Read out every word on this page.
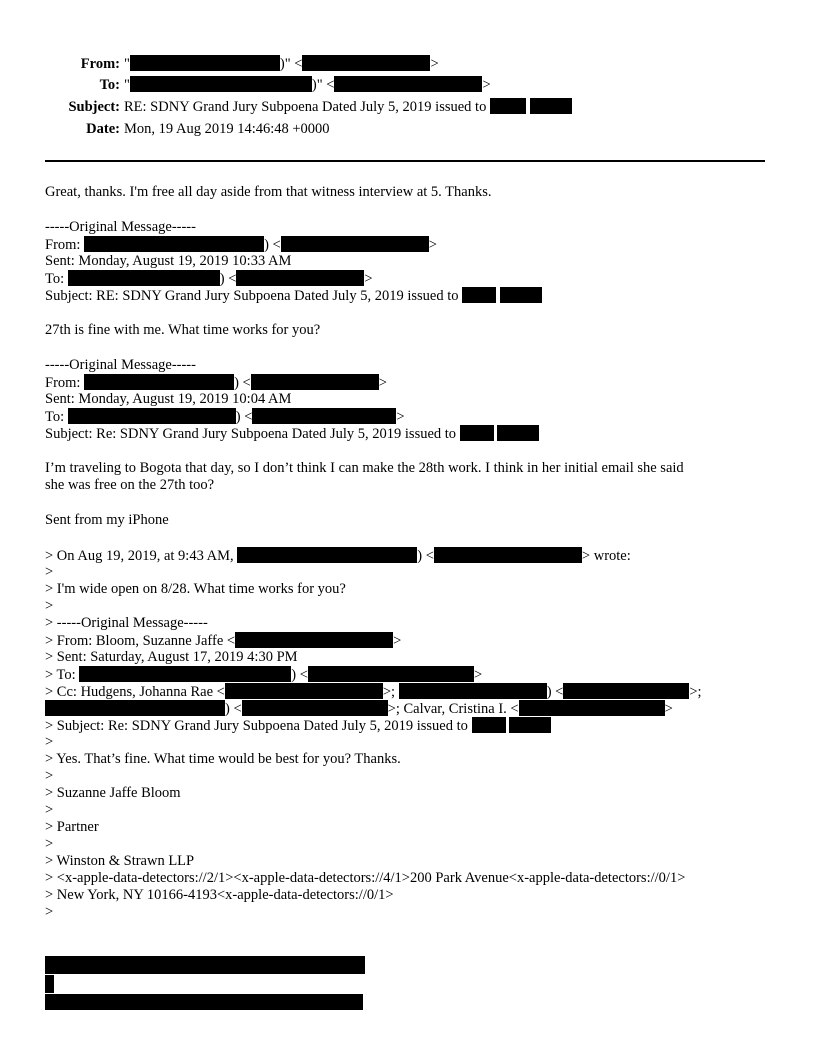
From: "	)" <	>
To: "	)" <	>
Subject: RE: SDNY Grand Jury Subpoena Dated July 5, 2019 issued to
Date: Mon, 19 Aug 2019 14:46:48 +0000
Great, thanks. I'm free all day aside from that witness interview at 5. Thanks.
-----Original Message-----
From:	) <	>
Sent: Monday, August 19, 2019 10:33 AM
To:	) <	>
Subject: RE: SDNY Grand Jury Subpoena Dated July 5, 2019 issued to
27th is fine with me. What time works for you?
-----Original Message-----
From:	) <	>
Sent: Monday, August 19, 2019 10:04 AM
To:	) <	>
Subject: Re: SDNY Grand Jury Subpoena Dated July 5, 2019 issued to
I’m traveling to Bogota that day, so I don’t think I can make the 28th work. I think in her initial email she said
she was free on the 27th too?
Sent from my iPhone
> On Aug 19, 2019, at 9:43 AM,	) <	> wrote:
>
> I'm wide open on 8/28. What time works for you?
>
> -----Original Message-----
> From: Bloom, Suzanne Jaffe <	>
> Sent: Saturday, August 17, 2019 4:30 PM
> To:	) <	>
> Cc: Hudgens, Johanna Rae <	>;	) <	>;
) <	>; Calvar, Cristina I. <	>
> Subject: Re: SDNY Grand Jury Subpoena Dated July 5, 2019 issued to
>
> Yes. That’s fine. What time would be best for you? Thanks.
>
> Suzanne Jaffe Bloom
>
> Partner
>
> Winston & Strawn LLP
> <x-apple-data-detectors://2/1><x-apple-data-detectors://4/1>200 Park Avenue<x-apple-data-detectors://0/1>
> New York, NY 10166-4193<x-apple-data-detectors://0/1>
>
